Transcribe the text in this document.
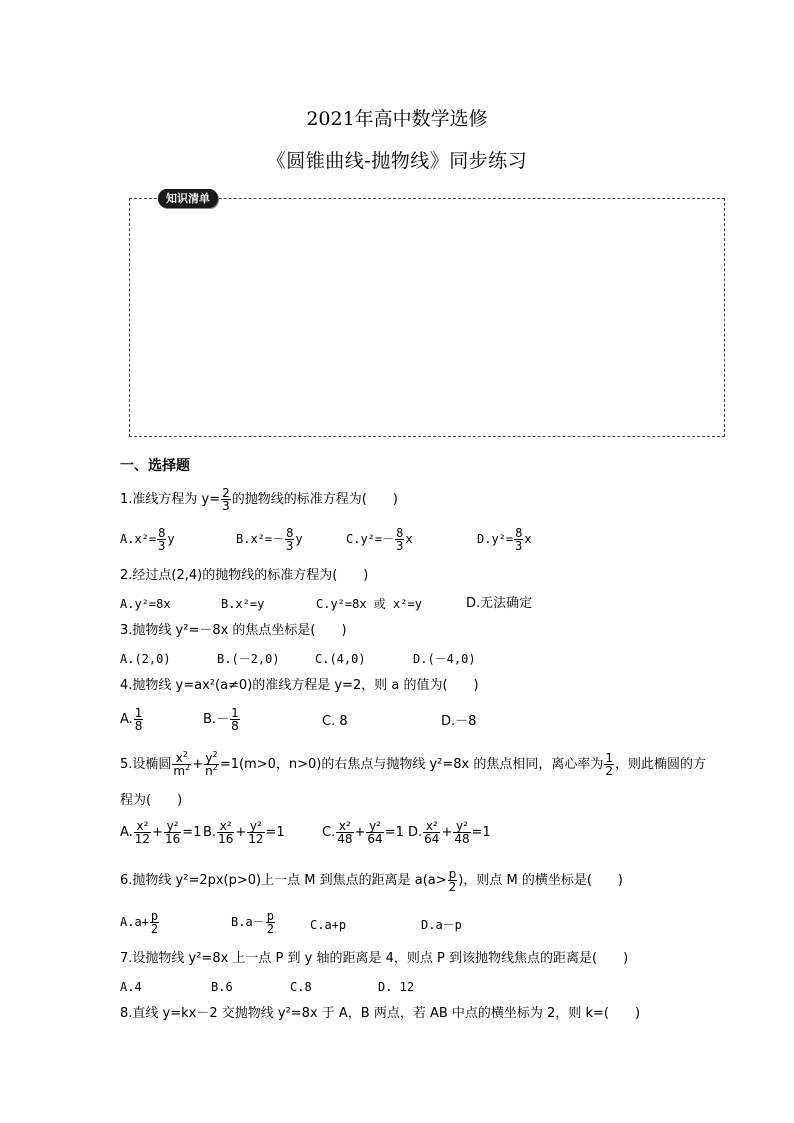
2021年高中数学选修
《圆锥曲线-抛物线》同步练习
知识清单
一、选择题
1.准线方程为 $y= \frac{2}{3}$ 的抛物线的标准方程为(　　)
$A.x^2= \frac{8}{3}$ y	$B.x^2=- \frac{8}{3}$ y	$C.y^2=- \frac{8}{3}$ x	$D.y^2= \frac{8}{3}$ x
2.经过点(2,4)的抛物线的标准方程为(　　)
A.y²=8x	B.x²=y	C.y²=8x 或 x²=y	D.无法确定
3.抛物线 y²=－8x 的焦点坐标是(　　)
A.(2,0)	B.(－2,0)	C.(4,0)	D.(－4,0)
4.抛物线 y=ax²(a≠0)的准线方程是 y=2，则 a 的值为(　　)
A. $\frac{1}{8}$	$B.- \frac{1}{8}$	C. 8	D.－8
5.设椭圆 $\frac{x^2}{m^2} + \frac{y^2}{n^2} =1(m>0$，n>0)的右焦点与抛物线 y²=8x 的焦点相同，离心率为 $\frac{1}{2}$ ，则此椭圆的方
程为(　　)
A. $\frac{\text{x²}}{12} + \frac{\text{y²}}{16} =1$ B. $\frac{\text{x²}}{16} + \frac{\text{y²}}{12} =1$	C. $\frac{\text{x²}}{48} + \frac{\text{y²}}{64} =1$ D. $\frac{\text{x²}}{64} + \frac{\text{y²}}{48} =1$
6.抛物线 y²=2px(p>0)上一点 M 到焦点的距离是 $a(a> \frac{p}{2}$ )，则点 M 的横坐标是(　　)
$A.a+ \frac{p}{2}$	$B.a- \frac{p}{2}$	C.a+p	D.a－p
7.设抛物线 y²=8x 上一点 P 到 y 轴的距离是 4，则点 P 到该抛物线焦点的距离是(　　)
A.4	B.6	C.8	D. 12
8.直线 y=kx－2 交抛物线 y²=8x 于 A，B 两点，若 AB 中点的横坐标为 2，则 k=(　　)
